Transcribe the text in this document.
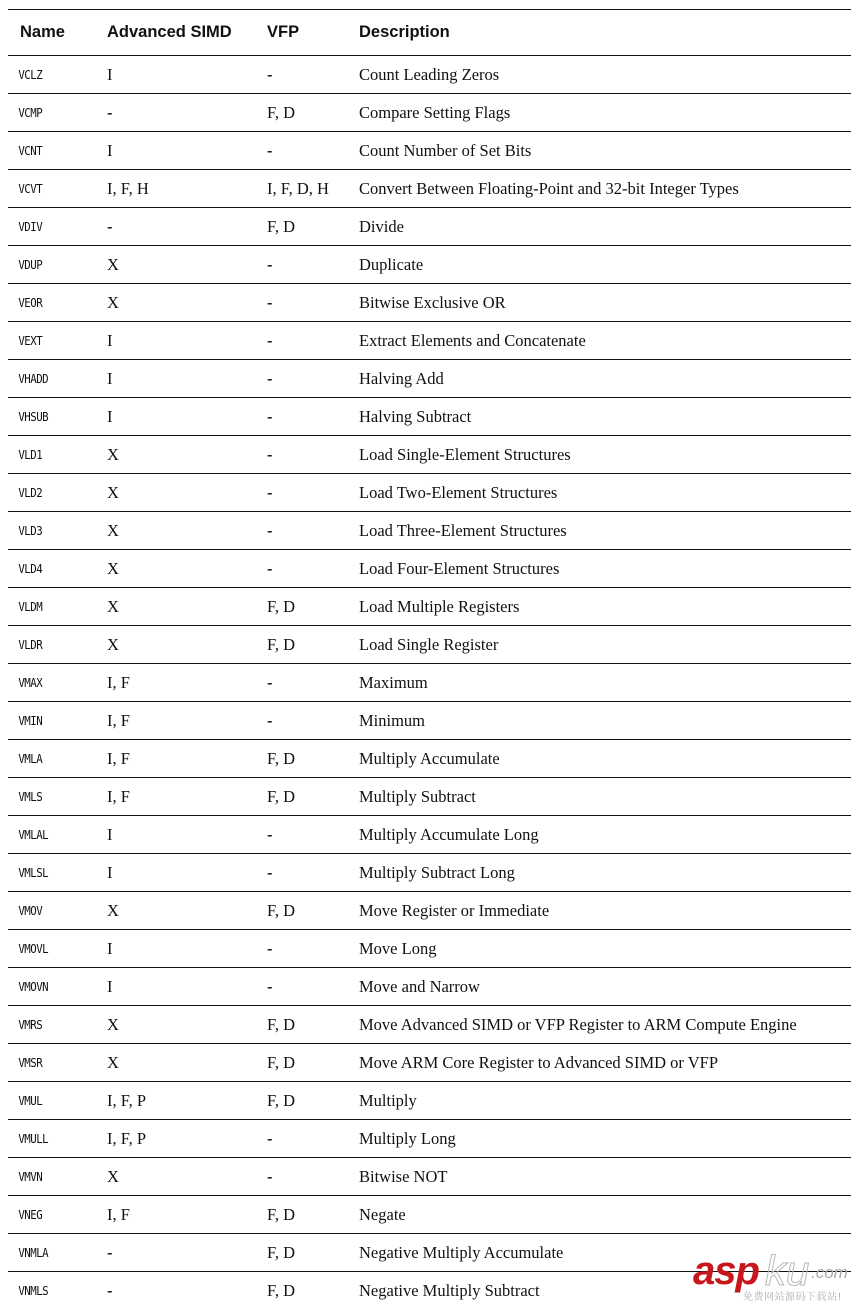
Name	Advanced SIMD	VFP	Description
VCLZ	I	-	Count Leading Zeros
VCMP	-	F, D	Compare Setting Flags
VCNT	I	-	Count Number of Set Bits
VCVT	I, F, H	I, F, D, H	Convert Between Floating-Point and 32-bit Integer Types
VDIV	-	F, D	Divide
VDUP	X	-	Duplicate
VEOR	X	-	Bitwise Exclusive OR
VEXT	I	-	Extract Elements and Concatenate
VHADD	I	-	Halving Add
VHSUB	I	-	Halving Subtract
VLD1	X	-	Load Single-Element Structures
VLD2	X	-	Load Two-Element Structures
VLD3	X	-	Load Three-Element Structures
VLD4	X	-	Load Four-Element Structures
VLDM	X	F, D	Load Multiple Registers
VLDR	X	F, D	Load Single Register
VMAX	I, F	-	Maximum
VMIN	I, F	-	Minimum
VMLA	I, F	F, D	Multiply Accumulate
VMLS	I, F	F, D	Multiply Subtract
VMLAL	I	-	Multiply Accumulate Long
VMLSL	I	-	Multiply Subtract Long
VMOV	X	F, D	Move Register or Immediate
VMOVL	I	-	Move Long
VMOVN	I	-	Move and Narrow
VMRS	X	F, D	Move Advanced SIMD or VFP Register to ARM Compute Engine
VMSR	X	F, D	Move ARM Core Register to Advanced SIMD or VFP
VMUL	I, F, P	F, D	Multiply
VMULL	I, F, P	-	Multiply Long
VMVN	X	-	Bitwise NOT
VNEG	I, F	F, D	Negate
VNMLA	-	F, D	Negative Multiply Accumulate
VNMLS	-	F, D	Negative Multiply Subtract	ku
asp	.com
免费网站源码下载站!
